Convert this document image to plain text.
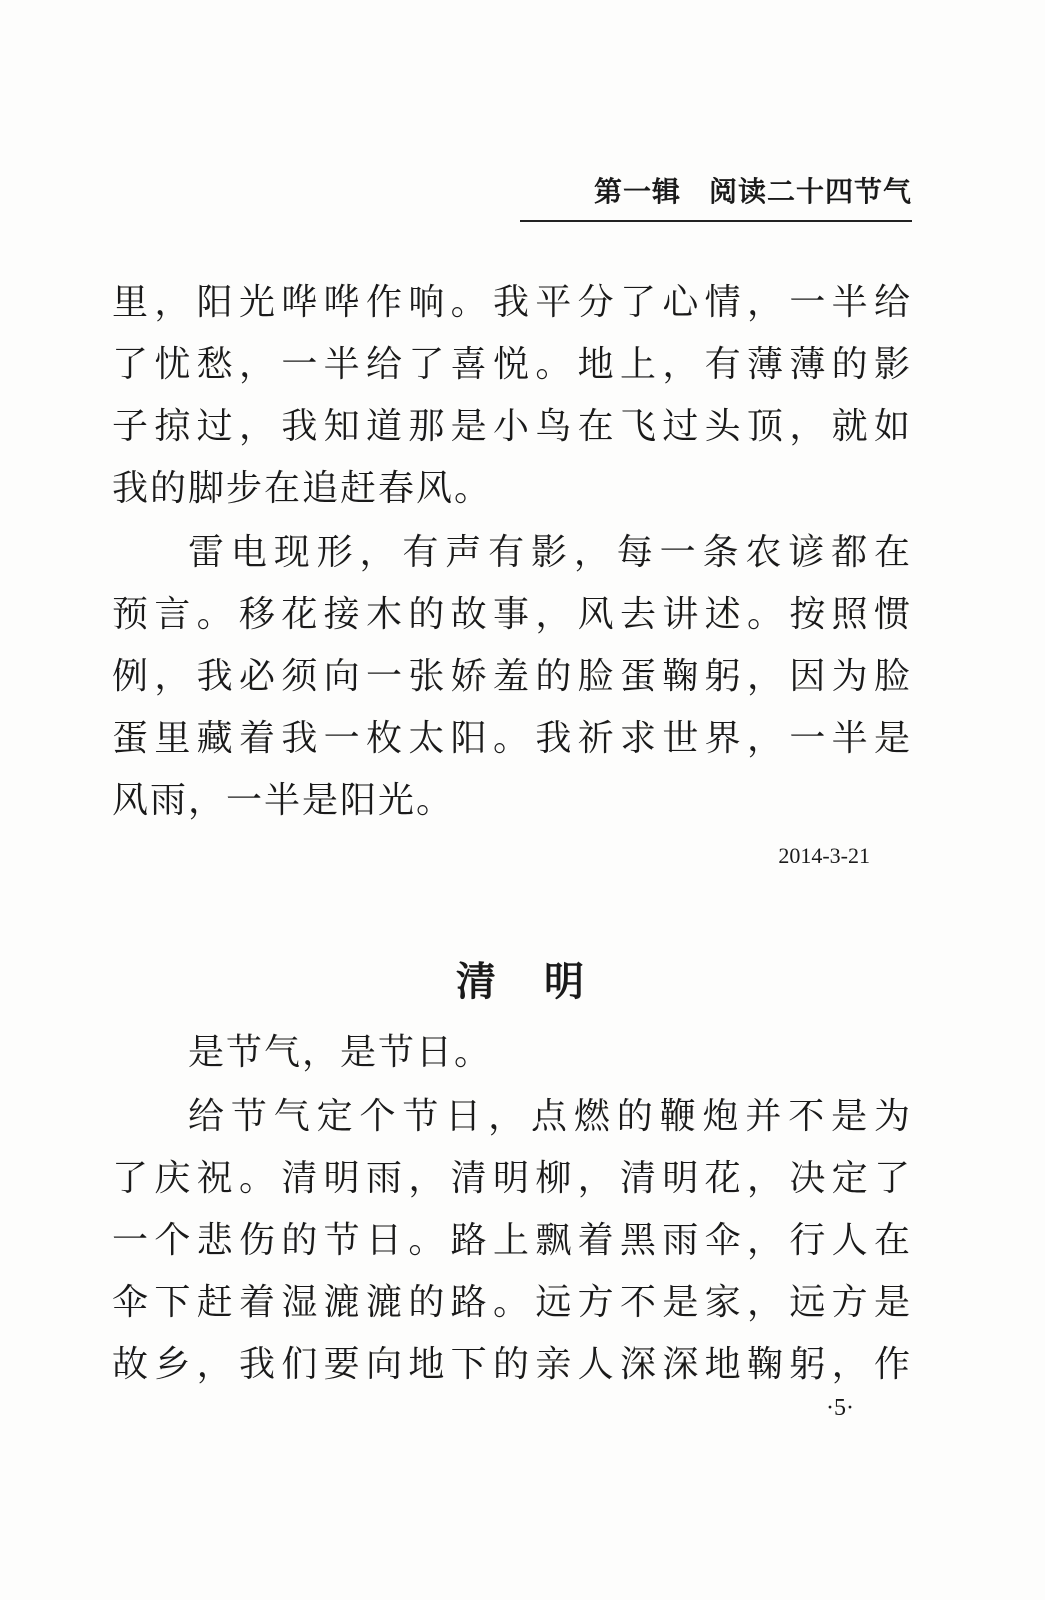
第一辑 阅读二十四节气
里，阳光哗哗作响。我平分了心情，一半给
了忧愁，一半给了喜悦。地上，有薄薄的影
子掠过，我知道那是小鸟在飞过头顶，就如
我的脚步在追赶春风。
雷电现形，有声有影，每一条农谚都在
预言。移花接木的故事，风去讲述。按照惯
例，我必须向一张娇羞的脸蛋鞠躬，因为脸
蛋里藏着我一枚太阳。我祈求世界，一半是
风雨，一半是阳光。
2014-3-21
清明
是节气，是节日。
给节气定个节日，点燃的鞭炮并不是为
了庆祝。清明雨，清明柳，清明花，决定了
一个悲伤的节日。路上飘着黑雨伞，行人在
伞下赶着湿漉漉的路。远方不是家，远方是
故乡，我们要向地下的亲人深深地鞠躬，作
·5·
